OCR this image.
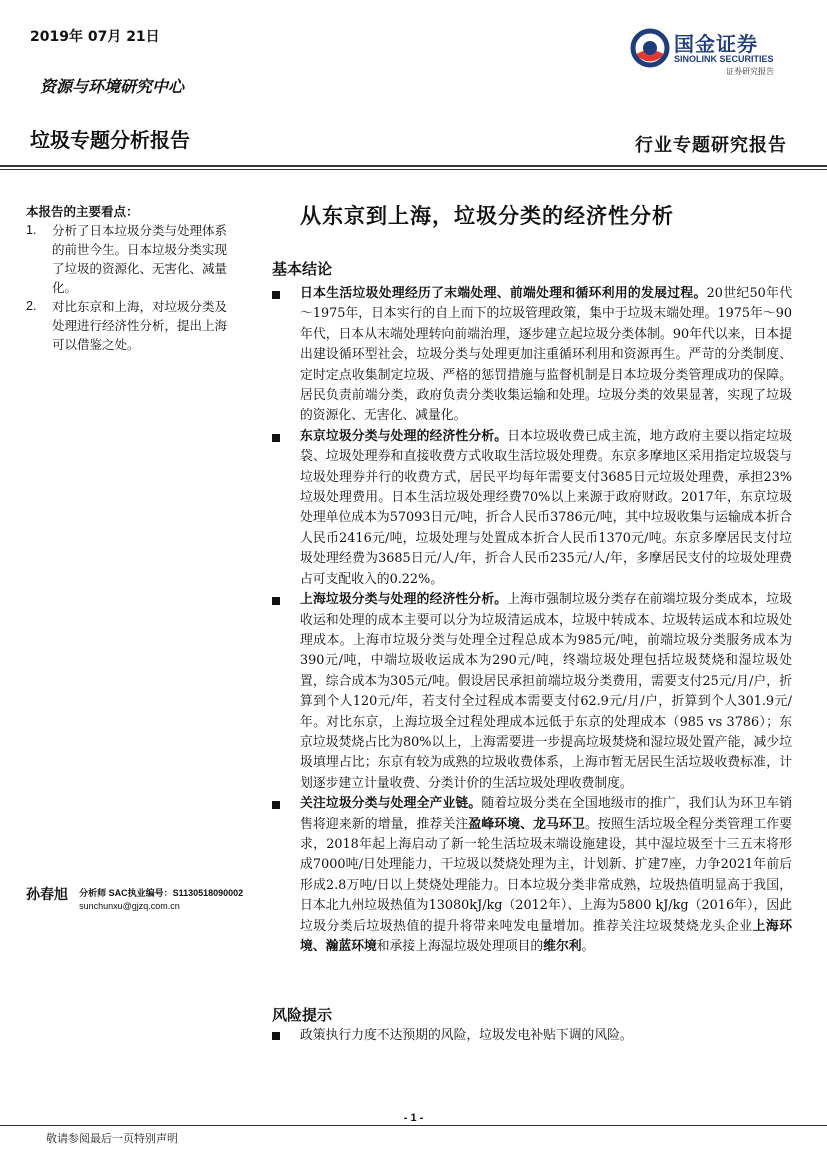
2019年 07月 21日
资源与环境研究中心
垃圾专题分析报告	行业专题研究报告
国金证券
SINOLINK SECURITIES
证券研究报告
本报告的主要看点：
1.	分析了日本垃圾分类与处理体系的前世今生。日本垃圾分类实现了垃圾的资源化、无害化、减量化。
2.	对比东京和上海，对垃圾分类及处理进行经济性分析，提出上海可以借鉴之处。
孙春旭 分析师 SAC执业编号：S1130518090002
sunchunxu@gjzq.com.cn
从东京到上海，垃圾分类的经济性分析
基本结论
日本生活垃圾处理经历了末端处理、前端处理和循环利用的发展过程。20世纪50年代～1975年，日本实行的自上而下的垃圾管理政策，集中于垃圾末端处理。1975年～90年代，日本从末端处理转向前端治理，逐步建立起垃圾分类体制。90年代以来，日本提出建设循环型社会，垃圾分类与处理更加注重循环利用和资源再生。严苛的分类制度、定时定点收集制定垃圾、严格的惩罚措施与监督机制是日本垃圾分类管理成功的保障。居民负责前端分类，政府负责分类收集运输和处理。垃圾分类的效果显著，实现了垃圾的资源化、无害化、减量化。
东京垃圾分类与处理的经济性分析。日本垃圾收费已成主流，地方政府主要以指定垃圾袋、垃圾处理券和直接收费方式收取生活垃圾处理费。东京多摩地区采用指定垃圾袋与垃圾处理券并行的收费方式，居民平均每年需要支付3685日元垃圾处理费，承担23%垃圾处理费用。日本生活垃圾处理经费70%以上来源于政府财政。2017年，东京垃圾处理单位成本为57093日元/吨，折合人民币3786元/吨，其中垃圾收集与运输成本折合人民币2416元/吨，垃圾处理与处置成本折合人民币1370元/吨。东京多摩居民支付垃圾处理经费为3685日元/人/年，折合人民币235元/人/年，多摩居民支付的垃圾处理费占可支配收入的0.22%。
上海垃圾分类与处理的经济性分析。上海市强制垃圾分类存在前端垃圾分类成本，垃圾收运和处理的成本主要可以分为垃圾清运成本，垃圾中转成本、垃圾转运成本和垃圾处理成本。上海市垃圾分类与处理全过程总成本为985元/吨，前端垃圾分类服务成本为390元/吨，中端垃圾收运成本为290元/吨，终端垃圾处理包括垃圾焚烧和湿垃圾处置，综合成本为305元/吨。假设居民承担前端垃圾分类费用，需要支付25元/月/户，折算到个人120元/年，若支付全过程成本需要支付62.9元/月/户，折算到个人301.9元/年。对比东京，上海垃圾全过程处理成本远低于东京的处理成本（985 vs 3786）；东京垃圾焚烧占比为80%以上，上海需要进一步提高垃圾焚烧和湿垃圾处置产能，减少垃圾填埋占比；东京有较为成熟的垃圾收费体系，上海市暂无居民生活垃圾收费标准，计划逐步建立计量收费、分类计价的生活垃圾处理收费制度。
关注垃圾分类与处理全产业链。随着垃圾分类在全国地级市的推广，我们认为环卫车销售将迎来新的增量，推荐关注盈峰环境、龙马环卫。按照生活垃圾全程分类管理工作要求，2018年起上海启动了新一轮生活垃圾末端设施建设，其中湿垃圾至十三五末将形成7000吨/日处理能力，干垃圾以焚烧处理为主，计划新、扩建7座，力争2021年前后形成2.8万吨/日以上焚烧处理能力。日本垃圾分类非常成熟，垃圾热值明显高于我国，日本北九州垃圾热值为13080kJ/kg（2012年）、上海为5800 kJ/kg（2016年），因此垃圾分类后垃圾热值的提升将带来吨发电量增加。推荐关注垃圾焚烧龙头企业上海环境、瀚蓝环境和承接上海湿垃圾处理项目的维尔利。
风险提示
政策执行力度不达预期的风险，垃圾发电补贴下调的风险。
- 1 -
敬请参阅最后一页特别声明
